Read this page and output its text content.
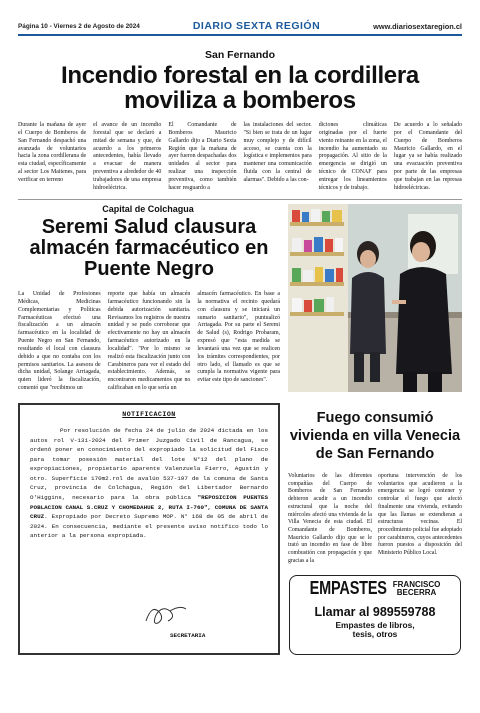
Página 10 - Viernes 2 de Agosto de 2024	DIARIO SEXTA REGIÓN	www.diariosextaregion.cl
San Fernando
Incendio forestal en la cordillera moviliza a bomberos

Durante la mañana de ayer el Cuerpo de Bomberos de San Fernando despachó una avanzada de voluntarios hacia la zona cordillerana de esta ciudad, específicamente al sector Los Maitenes, para verificar en terreno

el avance de un incendio forestal que se declaró a mitad de semana y que, de acuerdo a los primeros antecedentes, había llevado a evacuar de manera preventiva a alrededor de 40 trabajadores de una empresa hidroeléctrica.

El Comandante de Bomberos Mauricio Gallardo dijo a Diario Sexta Región que la mañana de ayer fueron despachadas dos unidades al sector para realizar una inspección preventiva, como también hacer resguardo a

las instalaciones del sector. "Si bien se trata de un lugar muy complejo y de difícil acceso, se cuenta con la logística e implementos para mantener una comunicación fluida con la central de alarmas". Debido a las con-

diciones climáticas originadas por el fuerte viento reinante en la zona, el incendio ha aumentado su propagación. Al sitio de la emergencia se dirigió un técnico de CONAF para entregar los lineamientos técnicos y de trabajo.

De acuerdo a lo señalado por el Comandante del Cuerpo de Bomberos Mauricio Gallardo, en el lugar ya se había realizado una evacuación preventiva por parte de las empresas que trabajan en las represas hidroeléctricas.

Capital de Colchagua
Seremi Salud clausura almacén farmacéutico en Puente Negro

La Unidad de Profesiones Médicas, Medicinas Complementarias y Políticas Farmacéuticas efectuó una fiscalización a un almacén farmacéutico en la localidad de Puente Negro en San Fernando, resultando el local con clausura debido a que no contaba con los permisos sanitarios. La asesora de dicha unidad, Solange Arriagada, quien lideró la fiscalización, comentó que "recibimos un

reporte que había un almacén farmacéutico funcionando sin la debida autorización sanitaria. Revisamos los registros de nuestra unidad y se pudo corroborar que efectivamente no hay un almacén farmacéutico autorizado en la localidad". "Por lo mismo se realizó esta fiscalización junto con Carabineros para ver el estado del establecimiento. Además, se encontraron medicamentos que no calificaban en lo que sería un

almacén farmacéutico. En base a la normativa el recinto quedará con clausura y se iniciará un sumario sanitario", puntualizó Arriagada. Por su parte el Seremi de Salud (s), Rodrigo Proharam, expresó que "esta medida se levantará una vez que se realicen los trámites correspondientes, por otro lado, el llamado es que se cumpla la normativa vigente para evitar este tipo de sanciones".

NOTIFICACION

Por resolución de fecha 24 de julio de 2024 dictada en los autos rol V-131-2024 del Primer Juzgado Civil de Rancagua, se ordenó poner en conocimiento del expropiado la solicitud del Fisco para tomar posesión material del lote N°12 del plano de expropiaciones, propietario aparente Valenzuela Fierro, Agustín y otro. Superficie 170m2.rol de avalúo 537-197 de la comuna de Santa Cruz, provincia de Colchagua, Región del Libertador Bernardo O'Higgins, necesario para la obra pública "REPOSICION PUENTES POBLACION CANAL S.CRUZ Y CHOMEDAHUE 2, RUTA I-760", COMUNA DE SANTA CRUZ. Expropiado por Decreto Supremo MOP. N° 168 de 05 de abril de 2024. En consecuencia, mediante el presente aviso notifico todo lo anterior a la persona expropiada.

SECRETARIA
Fuego consumió vivienda en villa Venecia de San Fernando

Voluntarios de las diferentes compañías del Cuerpo de Bomberos de San Fernando debieron acudir a un incendio estructural que la noche del miércoles afectó una vivienda de la Villa Venecia de esta ciudad. El Comandante de Bomberos, Mauricio Gallardo dijo que se le trató un incendio en fase de libre combustión con propagación y que gracias a la

oportuna intervención de los voluntarios que acudieron a la emergencia se logró contener y controlar el fuego que afectó finalmente una vivienda, evitando que las llamas se extendieran a estructuras vecinas. El procedimiento policial fue adoptado por carabineros, cuyos antecedentes fueron puestos a disposición del Ministerio Público Local.

EMPASTES FRANCISCO
BECERRA
Llamar al 989559788
Empastes de libros,
tesis, otros
